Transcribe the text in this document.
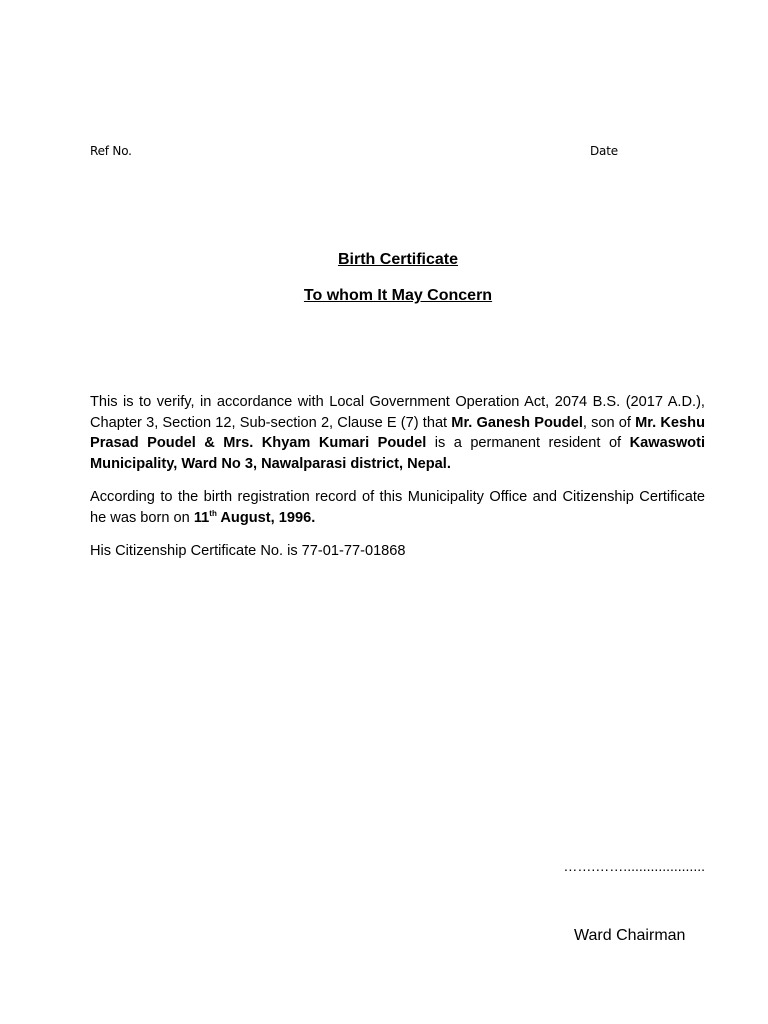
Ref No.	Date
Birth Certificate
To whom It May Concern
This is to verify, in accordance with Local Government Operation Act, 2074 B.S. (2017 A.D.), Chapter 3, Section 12, Sub-section 2, Clause E (7) that Mr. Ganesh Poudel, son of Mr. Keshu Prasad Poudel & Mrs. Khyam Kumari Poudel is a permanent resident of Kawaswoti Municipality, Ward No 3, Nawalparasi district, Nepal.
According to the birth registration record of this Municipality Office and Citizenship Certificate he was born on 11th August, 1996.
His Citizenship Certificate No. is 77-01-77-01868
…….…….....................
Ward Chairman
